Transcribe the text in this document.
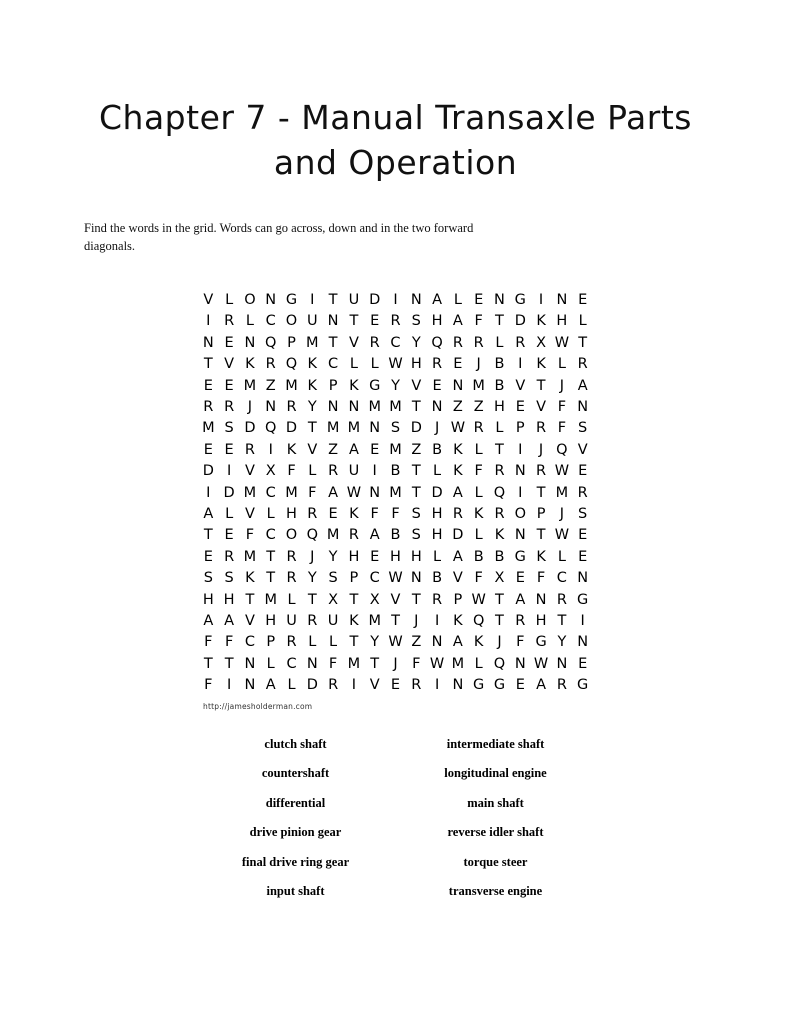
Chapter 7 - Manual Transaxle Parts and Operation

Find the words in the grid. Words can go across, down and in the two forward diagonals.

V L O N G I T U D I N A L E N G I N E
I R L C O U N T E R S H A F T D K H L
N E N Q P M T V R C Y Q R R L R X W T
T V K R Q K C L L W H R E J B I K L R
E E M Z M K P K G Y V E N M B V T J A
R R J N R Y N N M M T N Z Z H E V F N
M S D Q D T M M N S D J W R L P R F S
E E R I K V Z A E M Z B K L T I	J Q V
D I V X F L R U I B T L K F R N R W E
I D M C M F A W N M T D A L Q I T M R
A L V L H R E K F F S H R K R O P J S
T E F C O Q M R A B S H D L K N T W E
E R M T R J Y H E H H L A B B G K L E
S S K T R Y S P C W N B V F X E F C N
H H T M L T X T X V T R P W T A N R G
A A V H U R U K M T J	I K Q T R H T I
F F C P R L L T Y W Z N A K J F G Y N
T T N L C N F M T J F W M L Q N W N E
F I N A L D R I V E R I N G G E A R G
http://jamesholderman.com
clutch shaft	intermediate shaft
countershaft	longitudinal engine
differential	main shaft
drive pinion gear	reverse idler shaft
final drive ring gear	torque steer
input shaft	transverse engine
